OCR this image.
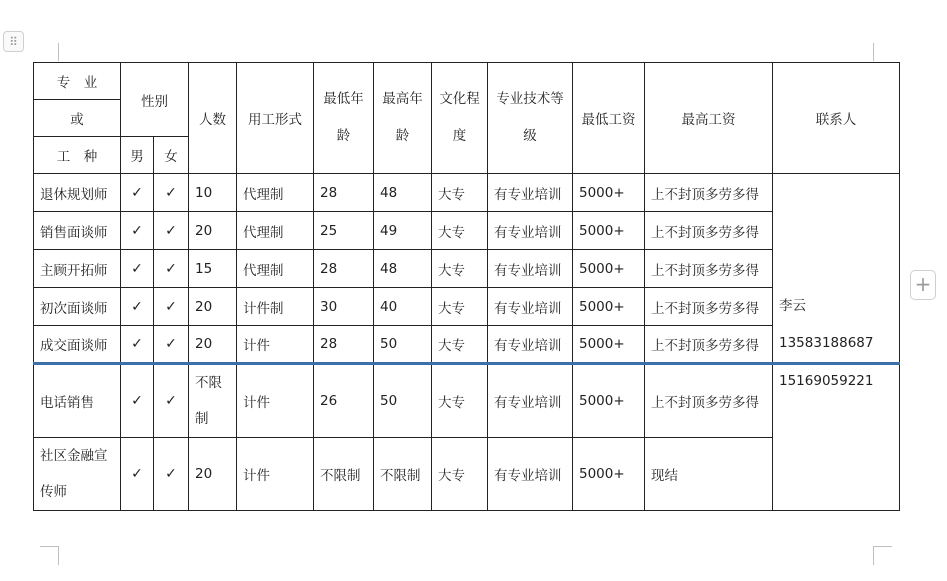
⠿
+
专　业	性别		人数	用工形式	最低年龄	最高年龄	文化程度	专业技术等级	最低工资	最高工资	联系人
或											
工　种	男	女									
退休规划师	✓	✓	10	代理制	28	48	大专	有专业培训	5000+	上不封顶多劳多得	李云
13583188687

销售面谈师	✓	✓	20	代理制	25	49	大专	有专业培训	5000+	上不封顶多劳多得	
主顾开拓师	✓	✓	15	代理制	28	48	大专	有专业培训	5000+	上不封顶多劳多得	
初次面谈师	✓	✓	20	计件制	30	40	大专	有专业培训	5000+	上不封顶多劳多得	
成交面谈师	✓	✓	20	计件	28	50	大专	有专业培训	5000+	上不封顶多劳多得	
电话销售	✓	✓	不限制	计件	26	50	大专	有专业培训	5000+	上不封顶多劳多得	15169059221

社区金融宣传师	✓	✓	20	计件	不限制	不限制	大专	有专业培训	5000+	现结	
